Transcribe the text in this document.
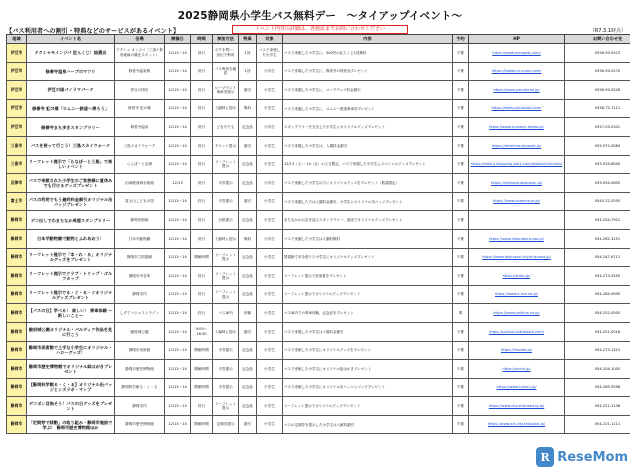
2025静岡県小学生バス無料デー　～タイアップイベント～
イベント内容の詳細は、各施設までお問い合わせください
【バス利用者への割引・特典などのサービスがあるイベント】	（R7.3.1時点）
地域	イベント名	会場	開催日	時間	参加方法	特典	対象	内容	予約	HP	お問い合わせ先
伊豆市	テクシャモインジパ 匠んくじ！抽選会	テクシャ オンジパ（三島+賀茂地域の観光スポット）	12/13〜14	終日	ボクを買い、宣伝で利用	1回	バスで来館した小学生	バスで来館した小学生に、300円の匠んくじ1回無料	不要	https://www.orangest.com/	0558-99-0523
伊豆市	修善寺温泉ハーブのマツリ	修善寺温泉街	12/13〜14	終日	バス利用を確認	1回	小学生	バスで来場した小学生に、修善寺の特産品プレゼント	不要	https://kobito.hi-craen.com/	0558-99-0270
伊豆市	伊豆の国パノラマパーク	伊豆の国市	12/13〜14	終日	ロープウェイ乗車券提示	割引	小学生	バスで来園した小学生に、ロープウェイ料金割引	不要	https://www.yomiturioi.jp/	0558-99-0228
伊豆市	修善寺 虹の郷「ロムニー鉄道ヘ乗ろう」	修善寺 虹の郷	12/13〜14	終日	入園時に提示	無料	小学生	バスで来園した小学生に、ロムニー鉄道乗車券プレゼント	不要	https://www.nijinosato.com/	0558-72-7111
伊豆市	修善寺まち歩きスタンプラリー	修善寺温泉	12/13〜14	終日	どなたでも	記念品	小学生	スタンプラリーを完走した小学生にオリジナルグッズプレゼント	不要	https://www.syuzenji-kanko.jp/	0557-03-5301
三島市	バスを使って行こう！三島スカイウォーク	三島スカイウォーク	12/13〜14	終日	チケット提示	割引	小学生	バスで来場した小学生は、入場料金割引	不要	https://mishima-skywalk.jp/	055-972-0084
三島市	リーフレット提示で「らなぽーと三島」で楽しいイベント	ららぽーと沼津	12/13〜14	終日	リーフレット提示	記念品	小学生	12/13（土）・14（日）の土日限定、バスで来場した小学生にスペシャルグッズプレゼント	不要	https://mitsui-shopping-park.com/lalaport/numazu/	055-929-8000
沼津市	バスで来館された小学生のご家族様に夏休みでも行けるグッズプレゼント	沼津港深海水族館	12/13	終日	半券提示	記念品	小学生	バスで来館した小学生の方にオリジナルグッズをプレゼント（数量限定）	不要	https://shinkaisuizokukan.jp/	055-954-0605
富士市	バスの利用でもう最終料金割引オリジナル缶バッジプレゼント	富士山こどもの国	12/13〜14	終日	半券提示	割引	小学生	バスで来園した方は入園料金割引、小学生にオリジナル缶バッジプレゼント	不要	https://www.kodomo.or.jp/	0545-22-5555
静岡市	デコ出しでわまちなか周遊スタンプラリー	静岡市街地	12/13〜14	終日	台紙提示	記念品	小学生	まちなかのお店を巡るスタンプラリー、達成でオリジナルグッズプレゼント	不要		054-254-7921
静岡市	日本平動物園で動物とふれあおう！	日本平動物園	12/13〜14	終日	入園時に提示	無料	小学生	バスで来園した小学生は入園料無料	不要	https://www.nihondaira-zoo.jp/	054-262-3251
静岡市	リーフレット提示で「本・れ・る」オリジナルグッズをプレゼント	静岡市立図書館	12/13〜14	開館時間	リーフレット提示	記念品	小学生	図書館で本を借りた小学生にオリジナルグッズプレゼント	不要	https://www.toshokan.city.shizuoka.jp/	054-247-6711
静岡市	リーフレット提示でクラブ・トリップ・ゴルフカップ	静岡市内各所	12/13〜14	終日	リーフレット提示	記念品	小学生	リーフレット提示で参加賞をプレゼント	不要	https://shizu.jp/	054-273-3555
静岡市	リーフレット提示でる・ぐ・る・ぐオリジナルグッズプレゼント	静岡市内	12/13〜14	終日	リーフレット提示	記念品	小学生	リーフレット提示でオリジナルグッズプレゼント	不要	https://www.s-kurura.jp/	054-284-0930
静岡市	【バスの日】学べる！ 楽しい！ 乗車体験 ～新しいこと～	しずてつジャストライン	12/13〜14	終日	バス車内	体験	小学生	バス車内での乗車体験、記念品をプレゼント	要	https://www.justline.co.jp/	054-252-0505
静岡市	駿府城公園オリジナル・バルディア作品を見に行こう	駿府城公園	12/13〜14	9:00〜16:30	入場時に提示	割引	小学生	バスで来場した小学生は入場料金割引	不要	https://sumpu-castlepark.com/	054-251-0016
静岡市	静岡市美術館で上手な小学生にオリジナル・ハローグッズ！	静岡市美術館	12/13〜14	開館時間	半券提示	記念品	小学生	バスで来館した小学生にオリジナルグッズをプレゼント	不要	https://shizubi.jp/	054-273-1515
静岡市	静岡市歴史博物館でオリジナル絵はがきプレゼント	静岡市歴史博物館	12/13〜14	開館時間	半券提示	記念品	小学生	バスで来館した小学生にオリジナル絵はがきプレゼント	不要	https://scmh.jp/	054-204-1005
静岡市	【静岡科学館る・く・る】オリジナル缶バッジとシズラボ・マップ	静岡科学館る・く・る	12/13〜14	開館時間	半券提示	記念品	小学生	バスで来館した小学生にオリジナル缶バッジとマッププレゼント	不要	https://www.rukuru.jp/	054-289-3598
静岡市	デコポン目指そう！バスの日グッズをプレゼント	静岡市内	12/13〜14	終日	リーフレット提示	記念品	小学生	リーフレット提示でオリジナルグッズプレゼント	不要	https://www.city.shizuoka.lg.jp/	054-221-1136
静岡市	「定期券で移動」の取り組み・静岡市施設で学ぶ！ 静岡市歴史博物館ほか	静岡市歴史博物館	12/13〜14	開館時間	定期券提示	割引	小学生	バスの定期券を提示した小学生は入館料割引	不要	https://www.art.city.shizuoka.jp/	054-221-1111
R ReseMom
